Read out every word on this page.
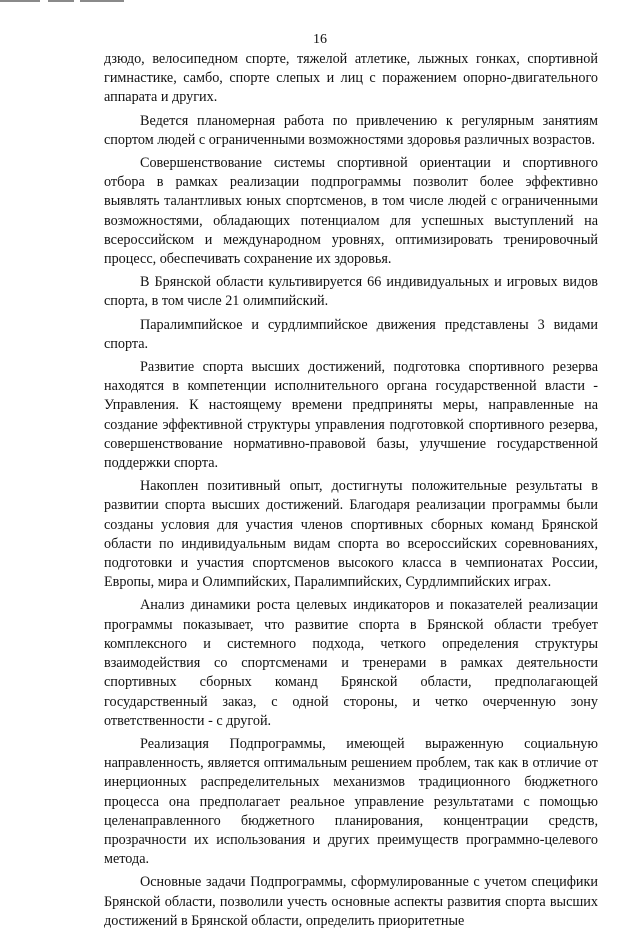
16

дзюдо, велосипедном спорте, тяжелой атлетике, лыжных гонках, спортивной гимнастике, самбо, спорте слепых и лиц с поражением опорно-двигательного аппарата и других.

Ведется планомерная работа по привлечению к регулярным занятиям спортом людей с ограниченными возможностями здоровья различных возрастов.

Совершенствование системы спортивной ориентации и спортивного отбора в рамках реализации подпрограммы позволит более эффективно выявлять талантливых юных спортсменов, в том числе людей с ограниченными возможностями, обладающих потенциалом для успешных выступлений на всероссийском и международном уровнях, оптимизировать тренировочный процесс, обеспечивать сохранение их здоровья.

В Брянской области культивируется 66 индивидуальных и игровых видов спорта, в том числе 21 олимпийский.

Паралимпийское и сурдлимпийское движения представлены 3 видами спорта.

Развитие спорта высших достижений, подготовка спортивного резерва находятся в компетенции исполнительного органа государственной власти - Управления. К настоящему времени предприняты меры, направленные на создание эффективной структуры управления подготовкой спортивного резерва, совершенствование нормативно-правовой базы, улучшение государственной поддержки спорта.

Накоплен позитивный опыт, достигнуты положительные результаты в развитии спорта высших достижений. Благодаря реализации программы были созданы условия для участия членов спортивных сборных команд Брянской области по индивидуальным видам спорта во всероссийских соревнованиях, подготовки и участия спортсменов высокого класса в чемпионатах России, Европы, мира и Олимпийских, Паралимпийских, Сурдлимпийских играх.

Анализ динамики роста целевых индикаторов и показателей реализации программы показывает, что развитие спорта в Брянской области требует комплексного и системного подхода, четкого определения структуры взаимодействия со спортсменами и тренерами в рамках деятельности спортивных сборных команд Брянской области, предполагающей государственный заказ, с одной стороны, и четко очерченную зону ответственности - с другой.

Реализация Подпрограммы, имеющей выраженную социальную направленность, является оптимальным решением проблем, так как в отличие от инерционных распределительных механизмов традиционного бюджетного процесса она предполагает реальное управление результатами с помощью целенаправленного бюджетного планирования, концентрации средств, прозрачности их использования и других преимуществ программно-целевого метода.

Основные задачи Подпрограммы, сформулированные с учетом специфики Брянской области, позволили учесть основные аспекты развития спорта высших достижений в Брянской области, определить приоритетные
